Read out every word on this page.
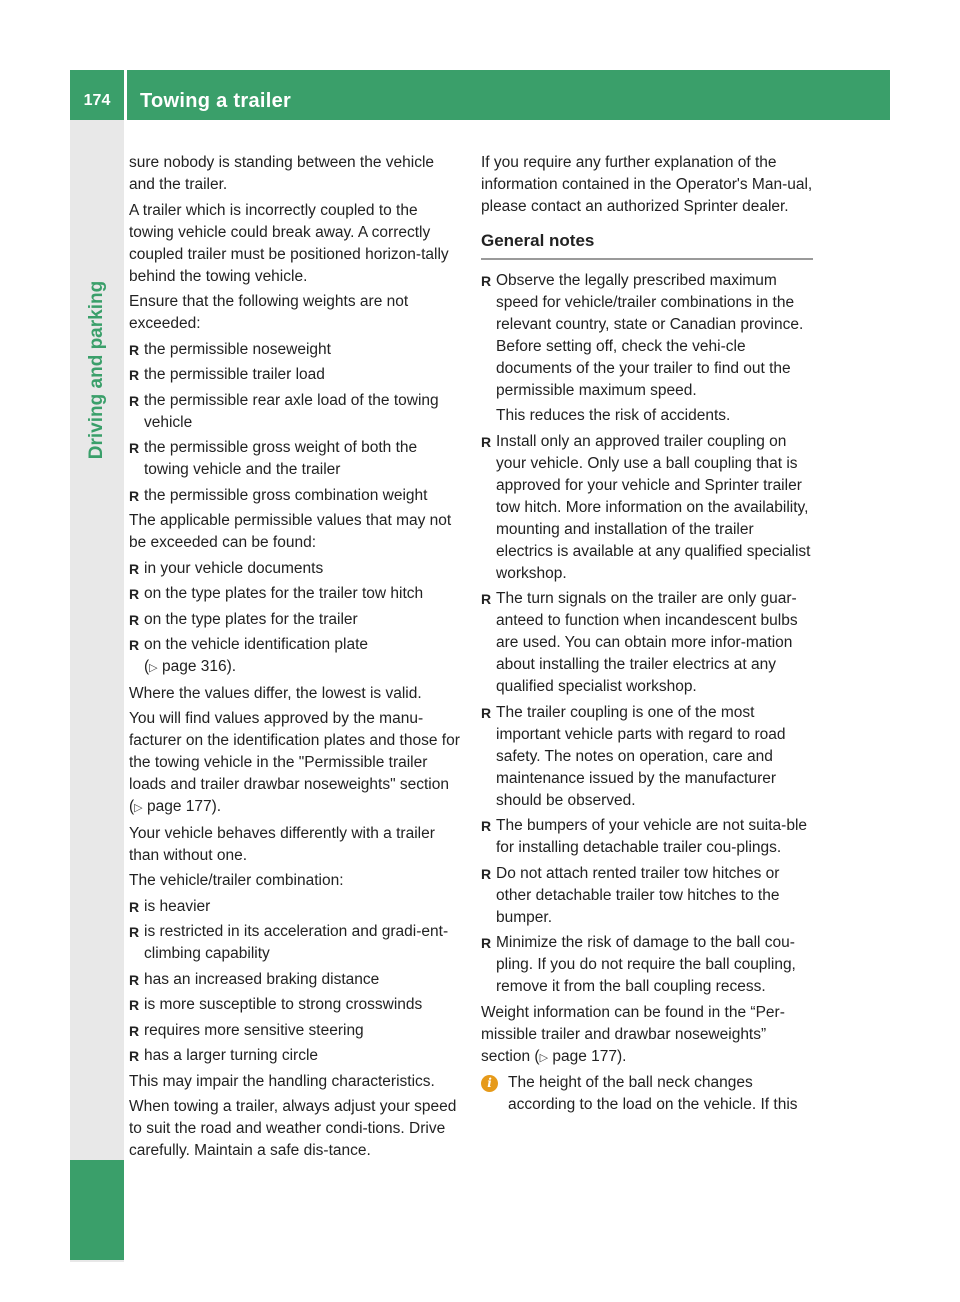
174	Towing a trailer
Driving and parking

sure nobody is standing between the vehicle and the trailer.

A trailer which is incorrectly coupled to the towing vehicle could break away. A correctly coupled trailer must be positioned horizon-tally behind the towing vehicle.

Ensure that the following weights are not exceeded:

R the permissible noseweight
R the permissible trailer load
R the permissible rear axle load of the towing vehicle
R the permissible gross weight of both the towing vehicle and the trailer
R the permissible gross combination weight

The applicable permissible values that may not be exceeded can be found:

R in your vehicle documents
R on the type plates for the trailer tow hitch
R on the type plates for the trailer
R on the vehicle identification plate
(▷ page 316).

Where the values differ, the lowest is valid.

You will find values approved by the manu-facturer on the identification plates and those for the towing vehicle in the "Permissible trailer loads and trailer drawbar noseweights" section (▷ page 177).

Your vehicle behaves differently with a trailer than without one.

The vehicle/trailer combination:

R is heavier
R is restricted in its acceleration and gradi-ent-climbing capability
R has an increased braking distance
R is more susceptible to strong crosswinds
R requires more sensitive steering
R has a larger turning circle

This may impair the handling characteristics.

When towing a trailer, always adjust your speed to suit the road and weather condi-tions. Drive carefully. Maintain a safe dis-tance.

If you require any further explanation of the information contained in the Operator's Man-ual, please contact an authorized Sprinter dealer.

General notes

R Observe the legally prescribed maximum speed for vehicle/trailer combinations in the relevant country, state or Canadian province. Before setting off, check the vehi-cle documents of the your trailer to find out the permissible maximum speed.

This reduces the risk of accidents.

R Install only an approved trailer coupling on your vehicle. Only use a ball coupling that is approved for your vehicle and Sprinter trailer tow hitch. More information on the availability, mounting and installation of the trailer electrics is available at any qualified specialist workshop.
R The turn signals on the trailer are only guar-anteed to function when incandescent bulbs are used. You can obtain more infor-mation about installing the trailer electrics at any qualified specialist workshop.
R The trailer coupling is one of the most important vehicle parts with regard to road safety. The notes on operation, care and maintenance issued by the manufacturer should be observed.
R The bumpers of your vehicle are not suita-ble for installing detachable trailer cou-plings.
R Do not attach rented trailer tow hitches or other detachable trailer tow hitches to the bumper.
R Minimize the risk of damage to the ball cou-pling. If you do not require the ball coupling, remove it from the ball coupling recess.

Weight information can be found in the “Per-missible trailer and drawbar noseweights” section (▷ page 177).

i	The height of the ball neck changes according to the load on the vehicle. If this
